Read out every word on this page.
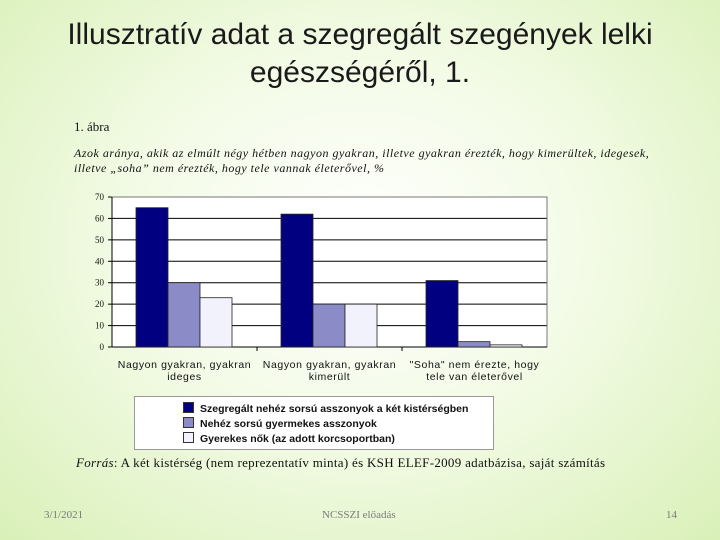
Illusztratív adat a szegregált szegények lelki egészségéről, 1.
1. ábra
Azok aránya, akik az elmúlt négy hétben nagyon gyakran, illetve gyakran érezték, hogy kimerültek, idegesek, illetve „soha” nem érezték, hogy tele vannak életerővel, %
0
10
20
30
40
50
60
70
Nagyon gyakran, gyakran
ideges
Nagyon gyakran, gyakran
kimerült
"Soha" nem érezte, hogy
tele van életerővel
Szegregált nehéz sorsú asszonyok a két kistérségben
Nehéz sorsú gyermekes asszonyok
Gyerekes nők (az adott korcsoportban)
Forrás: A két kistérség (nem reprezentatív minta) és KSH ELEF-2009 adatbázisa, saját számítás
3/1/2021	NCSSZI előadás	14
